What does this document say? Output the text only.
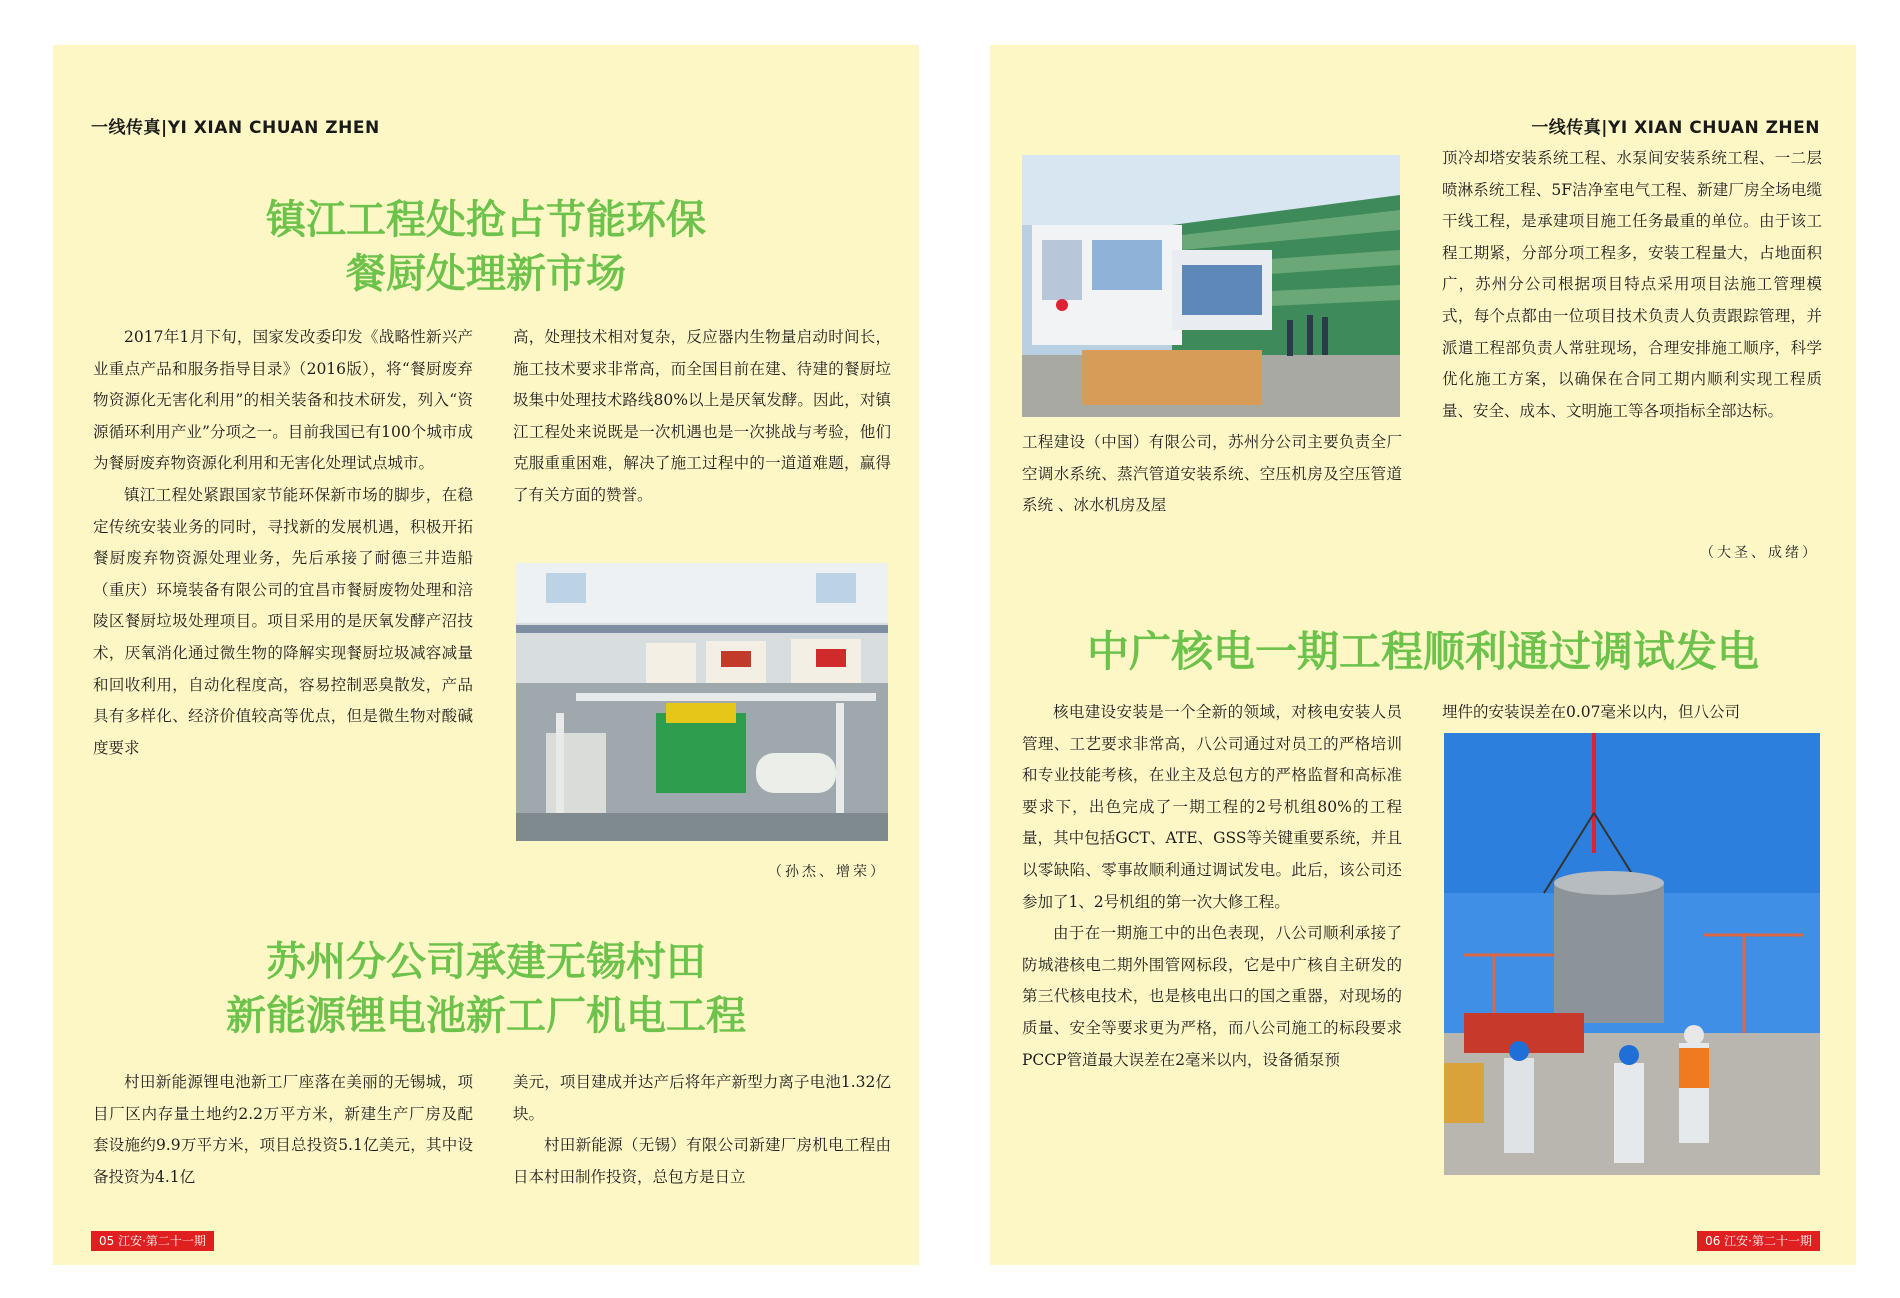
一线传真|YI XIAN CHUAN ZHEN
镇江工程处抢占节能环保
餐厨处理新市场

2017年1月下旬，国家发改委印发《战略性新兴产业重点产品和服务指导目录》（2016版），将“餐厨废弃物资源化无害化利用”的相关装备和技术研发，列入“资源循环利用产业”分项之一。目前我国已有100个城市成为餐厨废弃物资源化利用和无害化处理试点城市。

镇江工程处紧跟国家节能环保新市场的脚步，在稳定传统安装业务的同时，寻找新的发展机遇，积极开拓餐厨废弃物资源处理业务，先后承接了耐德三井造船（重庆）环境装备有限公司的宜昌市餐厨废物处理和涪陵区餐厨垃圾处理项目。项目采用的是厌氧发酵产沼技术，厌氧消化通过微生物的降解实现餐厨垃圾减容减量和回收利用，自动化程度高，容易控制恶臭散发，产品具有多样化、经济价值较高等优点，但是微生物对酸碱度要求

高，处理技术相对复杂，反应器内生物量启动时间长，施工技术要求非常高，而全国目前在建、待建的餐厨垃圾集中处理技术路线80%以上是厌氧发酵。因此，对镇江工程处来说既是一次机遇也是一次挑战与考验，他们克服重重困难，解决了施工过程中的一道道难题，赢得了有关方面的赞誉。

（孙杰、增荣）
苏州分公司承建无锡村田
新能源锂电池新工厂机电工程

村田新能源锂电池新工厂座落在美丽的无锡城，项目厂区内存量土地约2.2万平方米，新建生产厂房及配套设施约9.9万平方米，项目总投资5.1亿美元，其中设备投资为4.1亿

美元，项目建成并达产后将年产新型力离子电池1.32亿块。

村田新能源（无锡）有限公司新建厂房机电工程由日本村田制作投资，总包方是日立

05 江安·第二十一期
一线传真|YI XIAN CHUAN ZHEN

工程建设（中国）有限公司，苏州分公司主要负责全厂空调水系统、蒸汽管道安装系统、空压机房及空压管道系统 、冰水机房及屋

顶冷却塔安装系统工程、水泵间安装系统工程、一二层喷淋系统工程、5F洁净室电气工程、新建厂房全场电缆干线工程，是承建项目施工任务最重的单位。由于该工程工期紧，分部分项工程多，安装工程量大，占地面积广，苏州分公司根据项目特点采用项目法施工管理模式，每个点都由一位项目技术负责人负责跟踪管理，并派遣工程部负责人常驻现场，合理安排施工顺序，科学优化施工方案，以确保在合同工期内顺利实现工程质量、安全、成本、文明施工等各项指标全部达标。

（大圣、成绪）
中广核电一期工程顺利通过调试发电

核电建设安装是一个全新的领域，对核电安装人员管理、工艺要求非常高，八公司通过对员工的严格培训和专业技能考核，在业主及总包方的严格监督和高标准要求下，出色完成了一期工程的2号机组80%的工程量，其中包括GCT、ATE、GSS等关键重要系统，并且以零缺陷、零事故顺利通过调试发电。此后，该公司还参加了1、2号机组的第一次大修工程。

由于在一期施工中的出色表现，八公司顺利承接了防城港核电二期外围管网标段，它是中广核自主研发的第三代核电技术，也是核电出口的国之重器，对现场的质量、安全等要求更为严格，而八公司施工的标段要求PCCP管道最大误差在2毫米以内，设备循泵预

埋件的安装误差在0.07毫米以内，但八公司

06 江安·第二十一期
